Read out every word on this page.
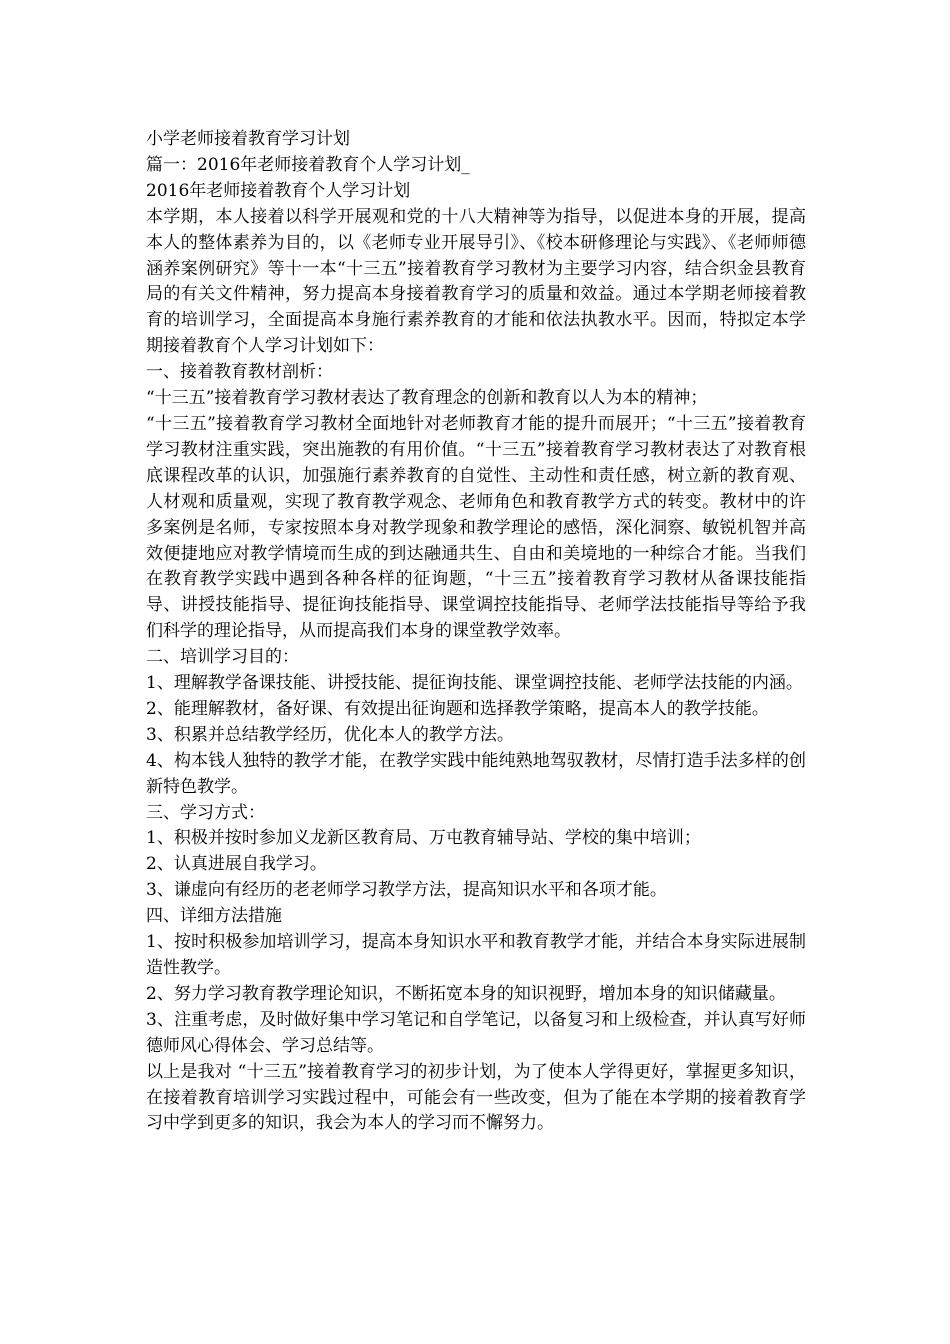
小学老师接着教育学习计划

篇一：2016年老师接着教育个人学习计划_

2016年老师接着教育个人学习计划

本学期，本人接着以科学开展观和党的十八大精神等为指导，以促进本身的开展，提高本人的整体素养为目的，以《老师专业开展导引》、《校本研修理论与实践》、《老师师德涵养案例研究》等十一本“十三五”接着教育学习教材为主要学习内容，结合织金县教育局的有关文件精神，努力提高本身接着教育学习的质量和效益。通过本学期老师接着教育的培训学习，全面提高本身施行素养教育的才能和依法执教水平。因而，特拟定本学期接着教育个人学习计划如下：

一、接着教育教材剖析：

“十三五”接着教育学习教材表达了教育理念的创新和教育以人为本的精神；

“十三五”接着教育学习教材全面地针对老师教育才能的提升而展开；“十三五”接着教育学习教材注重实践，突出施教的有用价值。“十三五”接着教育学习教材表达了对教育根底课程改革的认识，加强施行素养教育的自觉性、主动性和责任感，树立新的教育观、人材观和质量观，实现了教育教学观念、老师角色和教育教学方式的转变。教材中的许多案例是名师，专家按照本身对教学现象和教学理论的感悟，深化洞察、敏锐机智并高效便捷地应对教学情境而生成的到达融通共生、自由和美境地的一种综合才能。当我们在教育教学实践中遇到各种各样的征询题，“十三五”接着教育学习教材从备课技能指导、讲授技能指导、提征询技能指导、课堂调控技能指导、老师学法技能指导等给予我们科学的理论指导，从而提高我们本身的课堂教学效率。

二、培训学习目的：

1、理解教学备课技能、讲授技能、提征询技能、课堂调控技能、老师学法技能的内涵。

2、能理解教材，备好课、有效提出征询题和选择教学策略，提高本人的教学技能。

3、积累并总结教学经历，优化本人的教学方法。

4、构本钱人独特的教学才能，在教学实践中能纯熟地驾驭教材，尽情打造手法多样的创新特色教学。

三、学习方式：

1、积极并按时参加义龙新区教育局、万屯教育辅导站、学校的集中培训；

2、认真进展自我学习。

3、谦虚向有经历的老老师学习教学方法，提高知识水平和各项才能。

四、详细方法措施

1、按时积极参加培训学习，提高本身知识水平和教育教学才能，并结合本身实际进展制造性教学。

2、努力学习教育教学理论知识，不断拓宽本身的知识视野，增加本身的知识储藏量。

3、注重考虑，及时做好集中学习笔记和自学笔记，以备复习和上级检查，并认真写好师德师风心得体会、学习总结等。

以上是我对 “十三五”接着教育学习的初步计划，为了使本人学得更好，掌握更多知识，在接着教育培训学习实践过程中，可能会有一些改变，但为了能在本学期的接着教育学习中学到更多的知识，我会为本人的学习而不懈努力。
